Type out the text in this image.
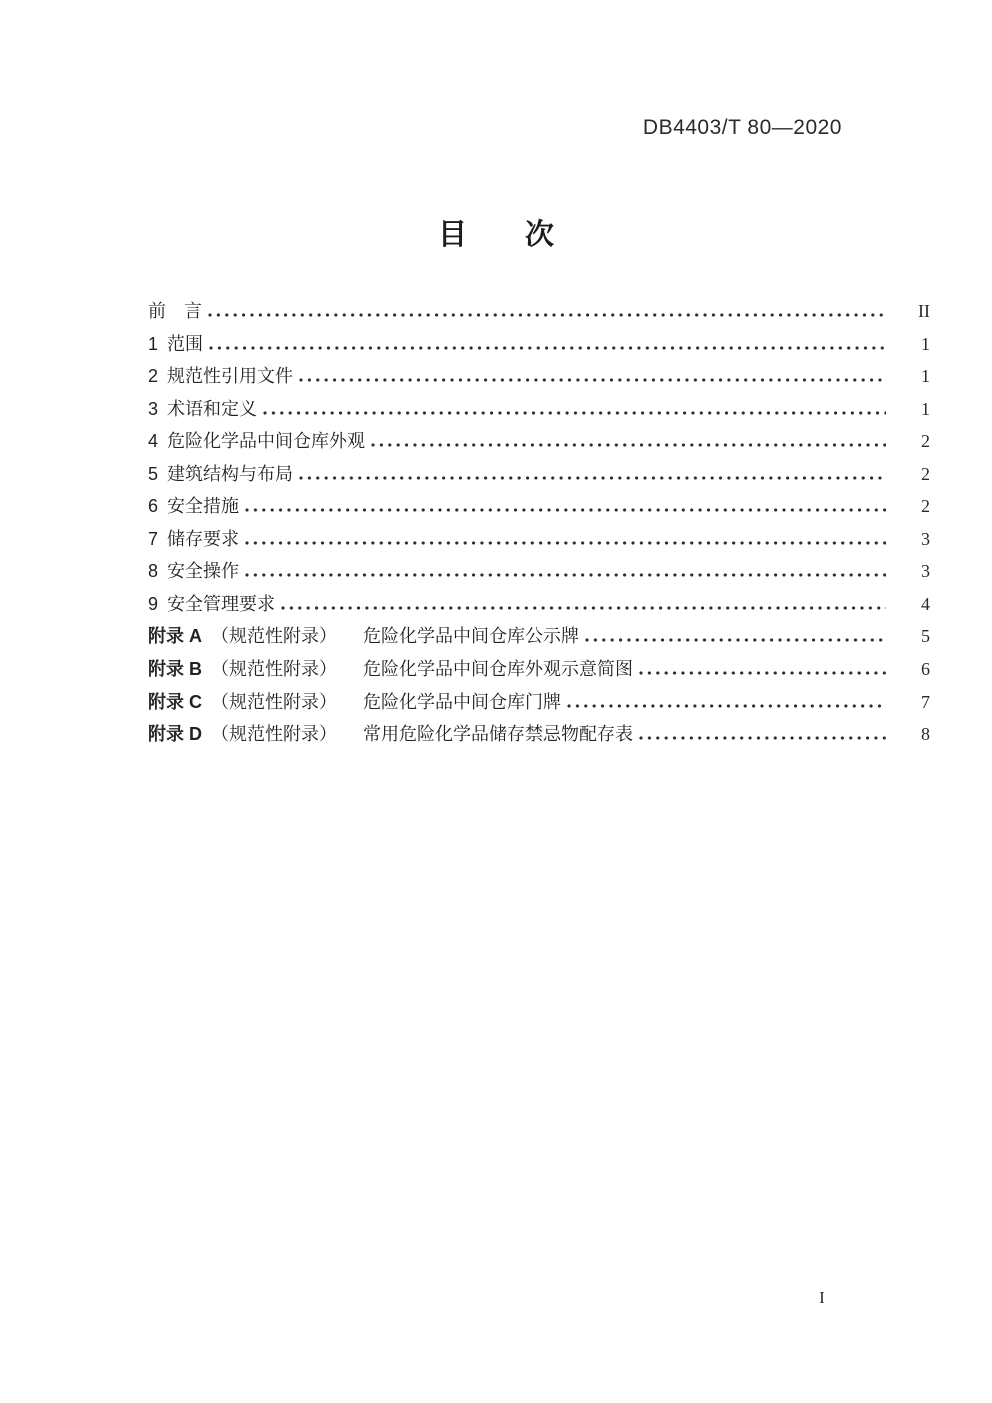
DB4403/T 80—2020
目　　次
前　言	II
1 范围	1
2 规范性引用文件	1
3 术语和定义	1
4 危险化学品中间仓库外观	2
5 建筑结构与布局	2
6 安全措施	2
7 储存要求	3
8 安全操作	3
9 安全管理要求	4
附录 A （规范性附录） 危险化学品中间仓库公示牌	5
附录 B （规范性附录） 危险化学品中间仓库外观示意简图	6
附录 C （规范性附录） 危险化学品中间仓库门牌	7
附录 D （规范性附录） 常用危险化学品储存禁忌物配存表	8
I
